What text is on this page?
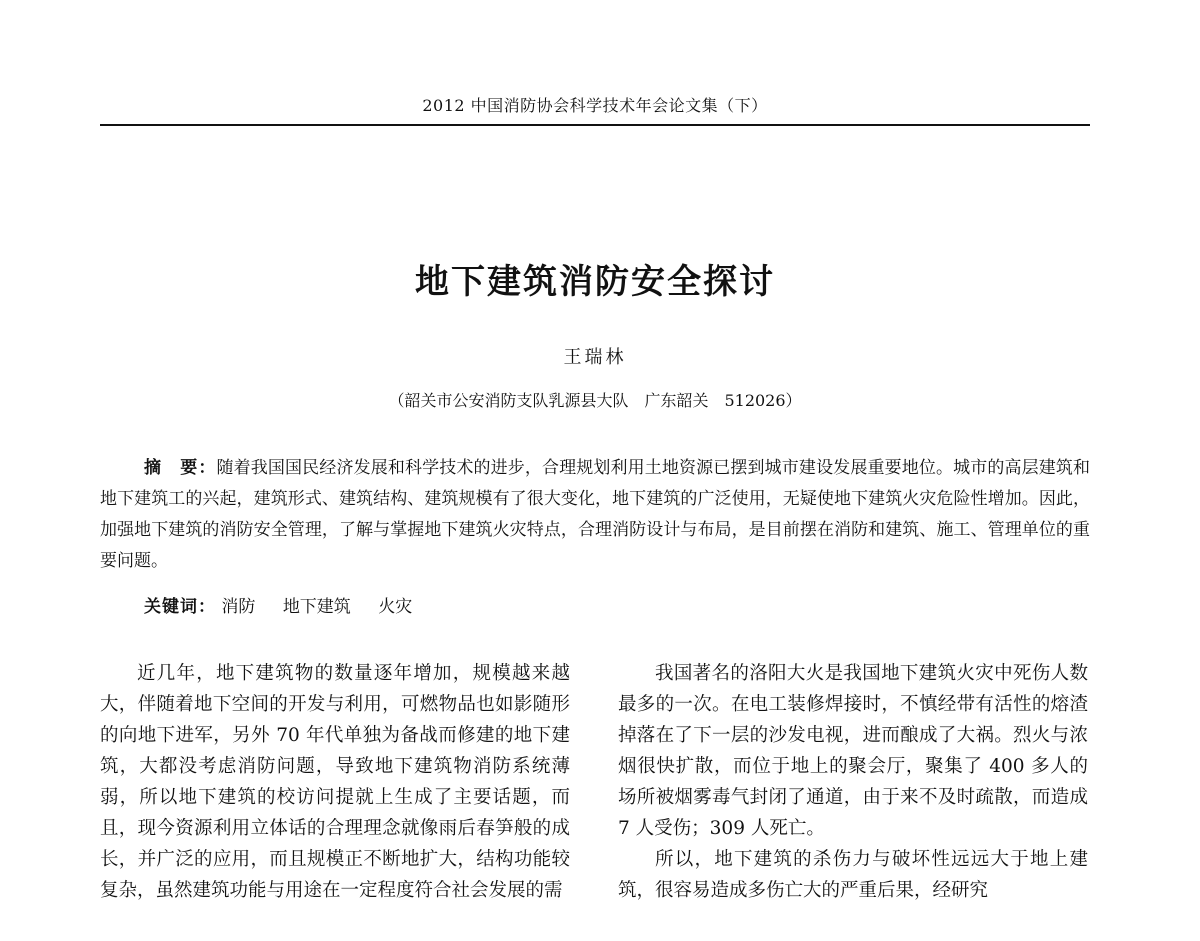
2012 中国消防协会科学技术年会论文集（下）
地下建筑消防安全探讨
王瑞林
（韶关市公安消防支队乳源县大队　广东韶关　512026）

摘　要：随着我国国民经济发展和科学技术的进步，合理规划利用土地资源已摆到城市建设发展重要地位。城市的高层建筑和地下建筑工的兴起，建筑形式、建筑结构、建筑规模有了很大变化，地下建筑的广泛使用，无疑使地下建筑火灾危险性增加。因此，加强地下建筑的消防安全管理，了解与掌握地下建筑火灾特点，合理消防设计与布局，是目前摆在消防和建筑、施工、管理单位的重要问题。

关键词： 消防 地下建筑 火灾

近几年，地下建筑物的数量逐年增加，规模越来越大，伴随着地下空间的开发与利用，可燃物品也如影随形的向地下进军，另外 70 年代单独为备战而修建的地下建筑，大都没考虑消防问题，导致地下建筑物消防系统薄弱，所以地下建筑的校访问提就上生成了主要话题，而且，现今资源利用立体话的合理理念就像雨后春笋般的成长，并广泛的应用，而且规模正不断地扩大，结构功能较复杂，虽然建筑功能与用途在一定程度符合社会发展的需

我国著名的洛阳大火是我国地下建筑火灾中死伤人数最多的一次。在电工装修焊接时，不慎经带有活性的熔渣掉落在了下一层的沙发电视，进而酿成了大祸。烈火与浓烟很快扩散，而位于地上的聚会厅，聚集了 400 多人的场所被烟雾毒气封闭了通道，由于来不及时疏散，而造成 7 人受伤；309 人死亡。

所以，地下建筑的杀伤力与破坏性远远大于地上建筑，很容易造成多伤亡大的严重后果，经研究
